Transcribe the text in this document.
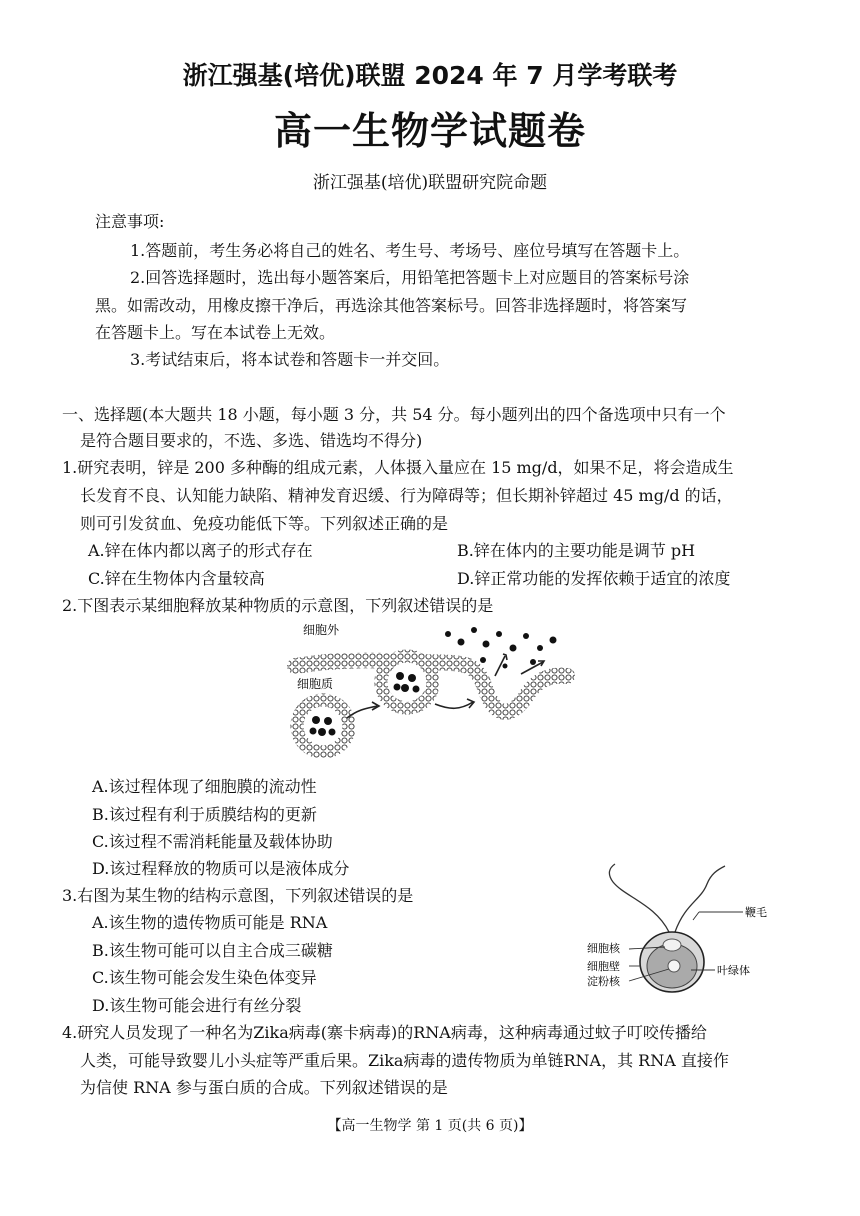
浙江强基(培优)联盟 2024 年 7 月学考联考
高一生物学试题卷
浙江强基(培优)联盟研究院命题
注意事项:
1.答题前，考生务必将自己的姓名、考生号、考场号、座位号填写在答题卡上。
2.回答选择题时，选出每小题答案后，用铅笔把答题卡上对应题目的答案标号涂
黑。如需改动，用橡皮擦干净后，再选涂其他答案标号。回答非选择题时，将答案写
在答题卡上。写在本试卷上无效。
3.考试结束后，将本试卷和答题卡一并交回。
一、选择题(本大题共 18 小题，每小题 3 分，共 54 分。每小题列出的四个备选项中只有一个
是符合题目要求的，不选、多选、错选均不得分)
1.研究表明，锌是 200 多种酶的组成元素，人体摄入量应在 15 mg/d，如果不足，将会造成生
长发育不良、认知能力缺陷、精神发育迟缓、行为障碍等；但长期补锌超过 45 mg/d 的话，
则可引发贫血、免疫功能低下等。下列叙述正确的是
A.锌在体内都以离子的形式存在	B.锌在体内的主要功能是调节 pH
C.锌在生物体内含量较高	D.锌正常功能的发挥依赖于适宜的浓度
2.下图表示某细胞释放某种物质的示意图，下列叙述错误的是
细胞外
细胞质
A.该过程体现了细胞膜的流动性
B.该过程有利于质膜结构的更新
C.该过程不需消耗能量及载体协助
D.该过程释放的物质可以是液体成分
3.右图为某生物的结构示意图，下列叙述错误的是
A.该生物的遗传物质可能是 RNA
B.该生物可能可以自主合成三碳糖
C.该生物可能会发生染色体变异
D.该生物可能会进行有丝分裂
鞭毛
细胞核
细胞壁
淀粉核
叶绿体
4.研究人员发现了一种名为Zika病毒(寨卡病毒)的RNA病毒，这种病毒通过蚊子叮咬传播给
人类，可能导致婴儿小头症等严重后果。Zika病毒的遗传物质为单链RNA，其 RNA 直接作
为信使 RNA 参与蛋白质的合成。下列叙述错误的是
【高一生物学 第 1 页(共 6 页)】
